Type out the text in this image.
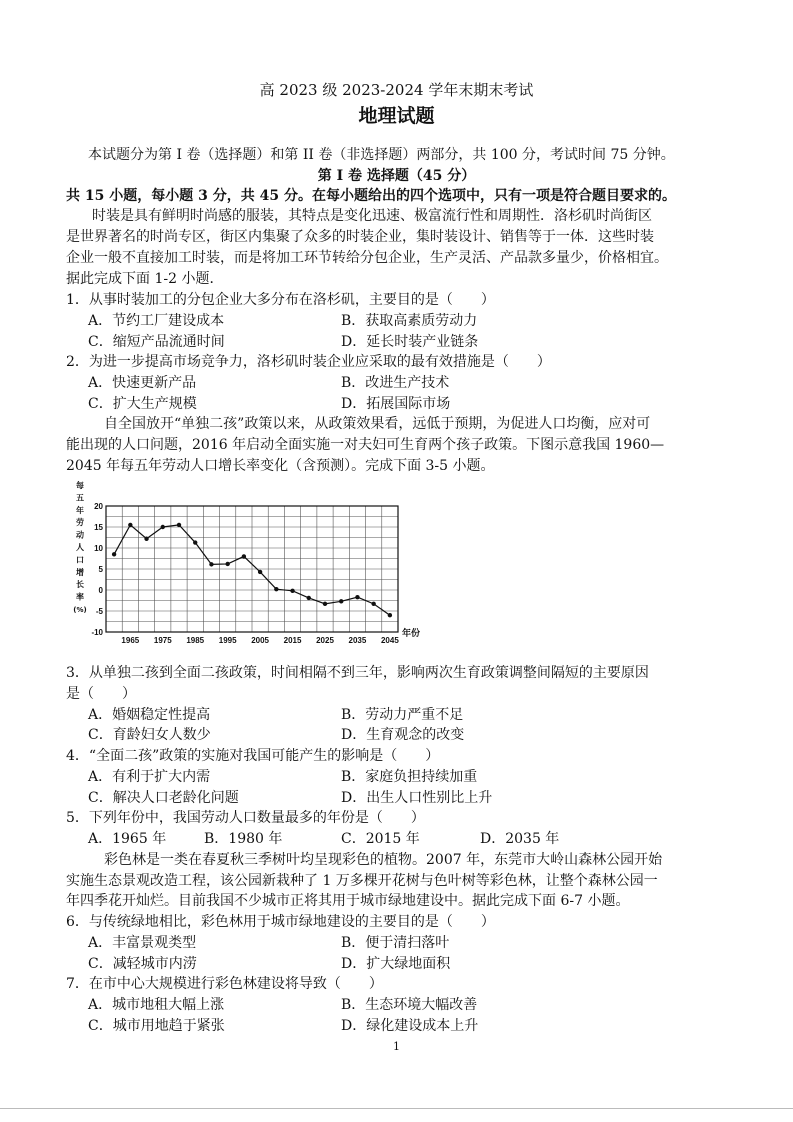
高 2023 级 2023-2024 学年末期末考试
地理试题
本试题分为第 I 卷（选择题）和第 II 卷（非选择题）两部分，共 100 分，考试时间 75 分钟。
第 I 卷 选择题（45 分）
共 15 小题，每小题 3 分，共 45 分。在每小题给出的四个选项中，只有一项是符合题目要求的。
时装是具有鲜明时尚感的服装，其特点是变化迅速、极富流行性和周期性．洛杉矶时尚街区
是世界著名的时尚专区，街区内集聚了众多的时装企业，集时装设计、销售等于一体．这些时装
企业一般不直接加工时装，而是将加工环节转给分包企业，生产灵活、产品款多量少，价格相宜。
据此完成下面 1-2 小题．
1．从事时装加工的分包企业大多分布在洛杉矶，主要目的是（　　）
A．节约工厂建设成本	B．获取高素质劳动力
C．缩短产品流通时间	D．延长时装产业链条
2．为进一步提高市场竞争力，洛杉矶时装企业应采取的最有效措施是（　　）
A．快速更新产品	B．改进生产技术
C．扩大生产规模	D．拓展国际市场
自全国放开“单独二孩”政策以来，从政策效果看，远低于预期，为促进人口均衡，应对可
能出现的人口问题，2016 年启动全面实施一对夫妇可生育两个孩子政策。下图示意我国 1960—
2045 年每五年劳动人口增长率变化（含预测）。完成下面 3-5 小题。
20
15
10
5
0
-5
-10
1965 1975 1985 1995 2005 2015 2025 2035 2045
年份
每
五
年
劳
动
人
口
增
长
率
(%)
3．从单独二孩到全面二孩政策，时间相隔不到三年，影响两次生育政策调整间隔短的主要原因
是（　　）
A．婚姻稳定性提高	B．劳动力严重不足
C．育龄妇女人数少	D．生育观念的改变
4．“全面二孩”政策的实施对我国可能产生的影响是（　　）
A．有利于扩大内需	B．家庭负担持续加重
C．解决人口老龄化问题	D．出生人口性别比上升
5．下列年份中，我国劳动人口数量最多的年份是（　　）
A．1965 年	B．1980 年	C．2015 年	D．2035 年
彩色林是一类在春夏秋三季树叶均呈现彩色的植物。2007 年，东莞市大岭山森林公园开始
实施生态景观改造工程，该公园新栽种了 1 万多棵开花树与色叶树等彩色林，让整个森林公园一
年四季花开灿烂。目前我国不少城市正将其用于城市绿地建设中。据此完成下面 6-7 小题。
6．与传统绿地相比，彩色林用于城市绿地建设的主要目的是（　　）
A．丰富景观类型	B．便于清扫落叶
C．减轻城市内涝	D．扩大绿地面积
7．在市中心大规模进行彩色林建设将导致（　　）
A．城市地租大幅上涨	B．生态环境大幅改善
C．城市用地趋于紧张	D．绿化建设成本上升
1
